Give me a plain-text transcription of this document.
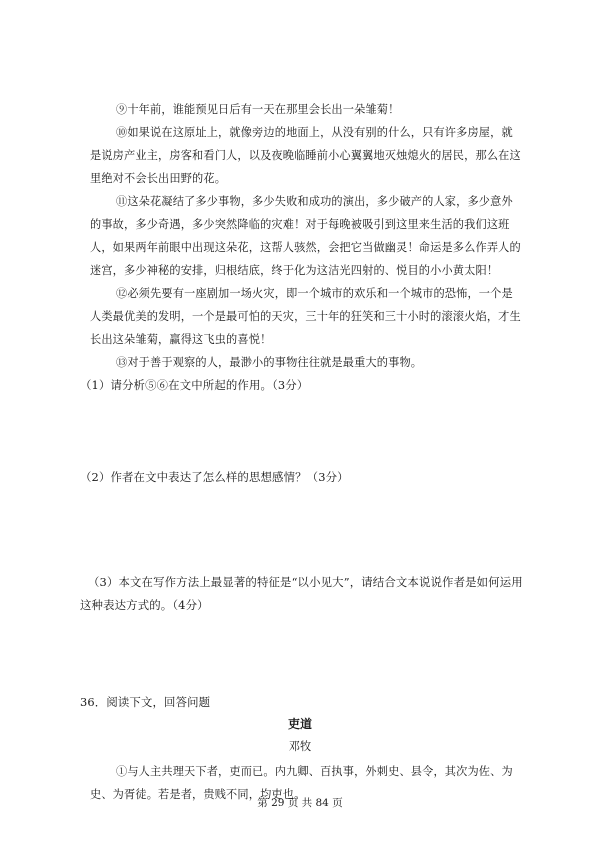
⑨十年前，谁能预见日后有一天在那里会长出一朵雏菊！
⑩如果说在这原址上，就像旁边的地面上，从没有别的什么，只有许多房屋，就是说房产业主，房客和看门人，以及夜晚临睡前小心翼翼地灭烛熄火的居民，那么在这里绝对不会长出田野的花。
⑪这朵花凝结了多少事物，多少失败和成功的演出，多少破产的人家，多少意外的事故，多少奇遇，多少突然降临的灾难！对于每晚被吸引到这里来生活的我们这班人，如果两年前眼中出现这朵花，这帮人骇然，会把它当做幽灵！命运是多么作弄人的迷宫，多少神秘的安排，归根结底，终于化为这洁光四射的、悦目的小小黄太阳！
⑫必须先要有一座剧加一场火灾，即一个城市的欢乐和一个城市的恐怖，一个是人类最优美的发明，一个是最可怕的天灾，三十年的狂笑和三十小时的滚滚火焰，才生长出这朵雏菊，赢得这飞虫的喜悦！
⑬对于善于观察的人，最渺小的事物往往就是最重大的事物。
（1）请分析⑤⑥在文中所起的作用。（3分）
（2）作者在文中表达了怎么样的思想感情？（3分）
（3）本文在写作方法上最显著的特征是“以小见大”，请结合文本说说作者是如何运用这种表达方式的。（4分）
36．阅读下文，回答问题
吏道
邓牧
①与人主共理天下者，吏而已。内九卿、百执事，外刺史、县令，其次为佐、为史、为胥徒。若是者，贵贱不同，均吏也。
第 29 页 共 84 页
